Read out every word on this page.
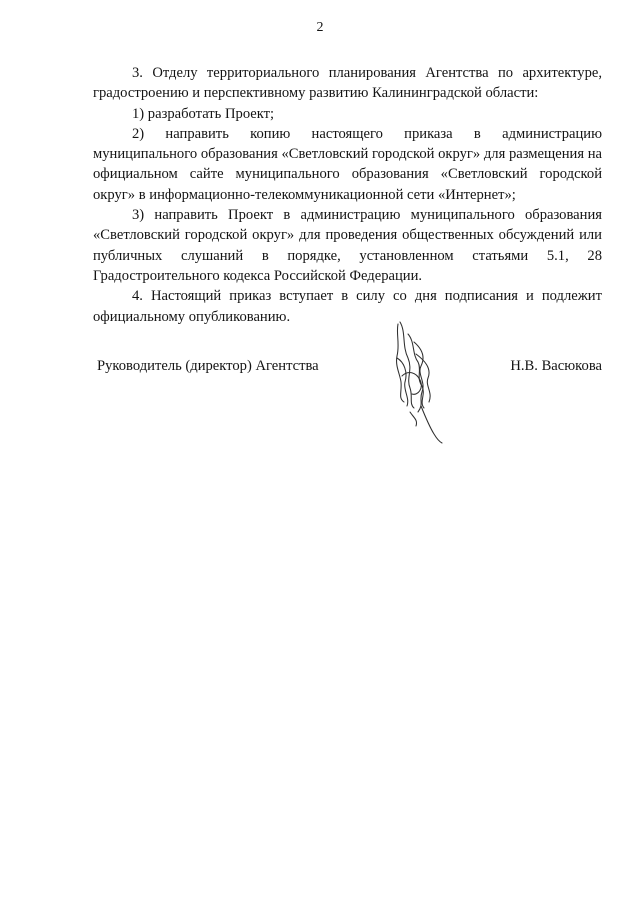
2

3. Отделу территориального планирования Агентства по архитектуре, градостроению и перспективному развитию Калининградской области:

1) разработать Проект;

2) направить копию настоящего приказа в администрацию муниципального образования «Светловский городской округ» для размещения на официальном сайте муниципального образования «Светловский городской округ» в информационно-телекоммуникационной сети «Интернет»;

3) направить Проект в администрацию муниципального образования «Светловский городской округ» для проведения общественных обсуждений или публичных слушаний в порядке, установленном статьями 5.1, 28 Градостроительного кодекса Российской Федерации.

4. Настоящий приказ вступает в силу со дня подписания и подлежит официальному опубликованию.

Руководитель (директор) Агентства	Н.В. Васюкова
